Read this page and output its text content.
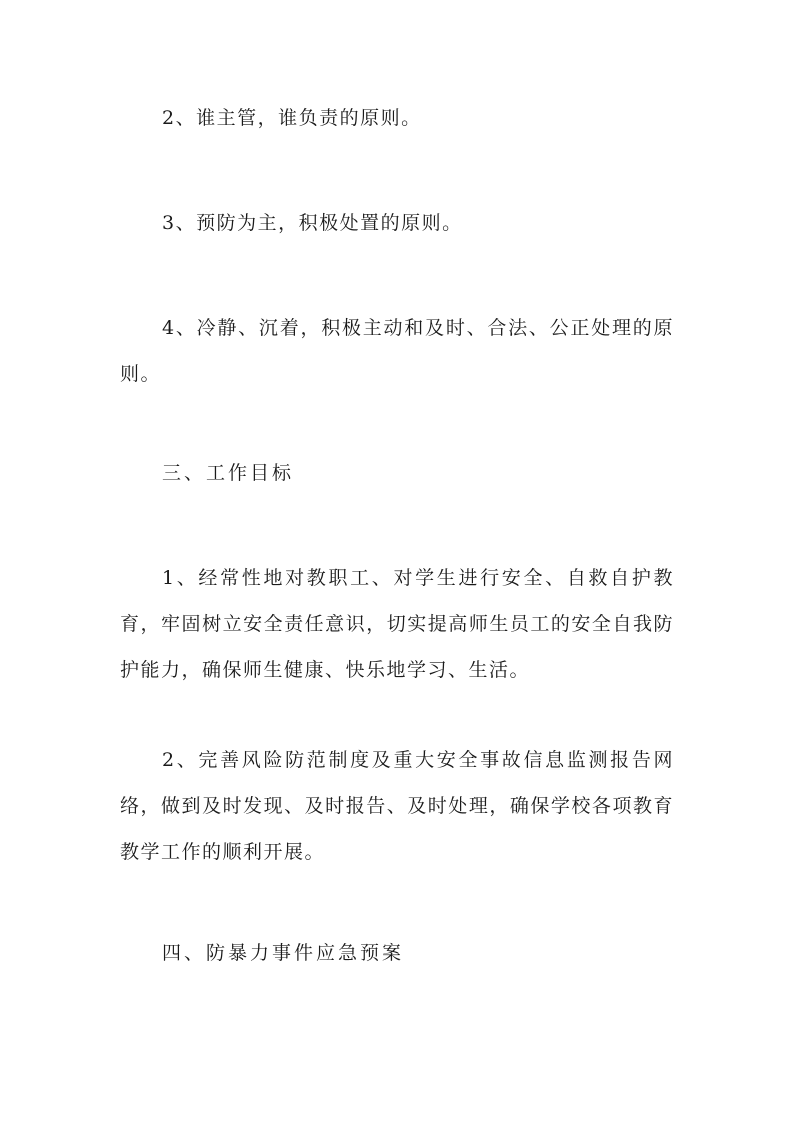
2、谁主管，谁负责的原则。

3、预防为主，积极处置的原则。

4、冷静、沉着，积极主动和及时、合法、公正处理的原则。

三、工作目标

1、经常性地对教职工、对学生进行安全、自救自护教育，牢固树立安全责任意识，切实提高师生员工的安全自我防护能力，确保师生健康、快乐地学习、生活。

2、完善风险防范制度及重大安全事故信息监测报告网络，做到及时发现、及时报告、及时处理，确保学校各项教育教学工作的顺利开展。

四、防暴力事件应急预案
